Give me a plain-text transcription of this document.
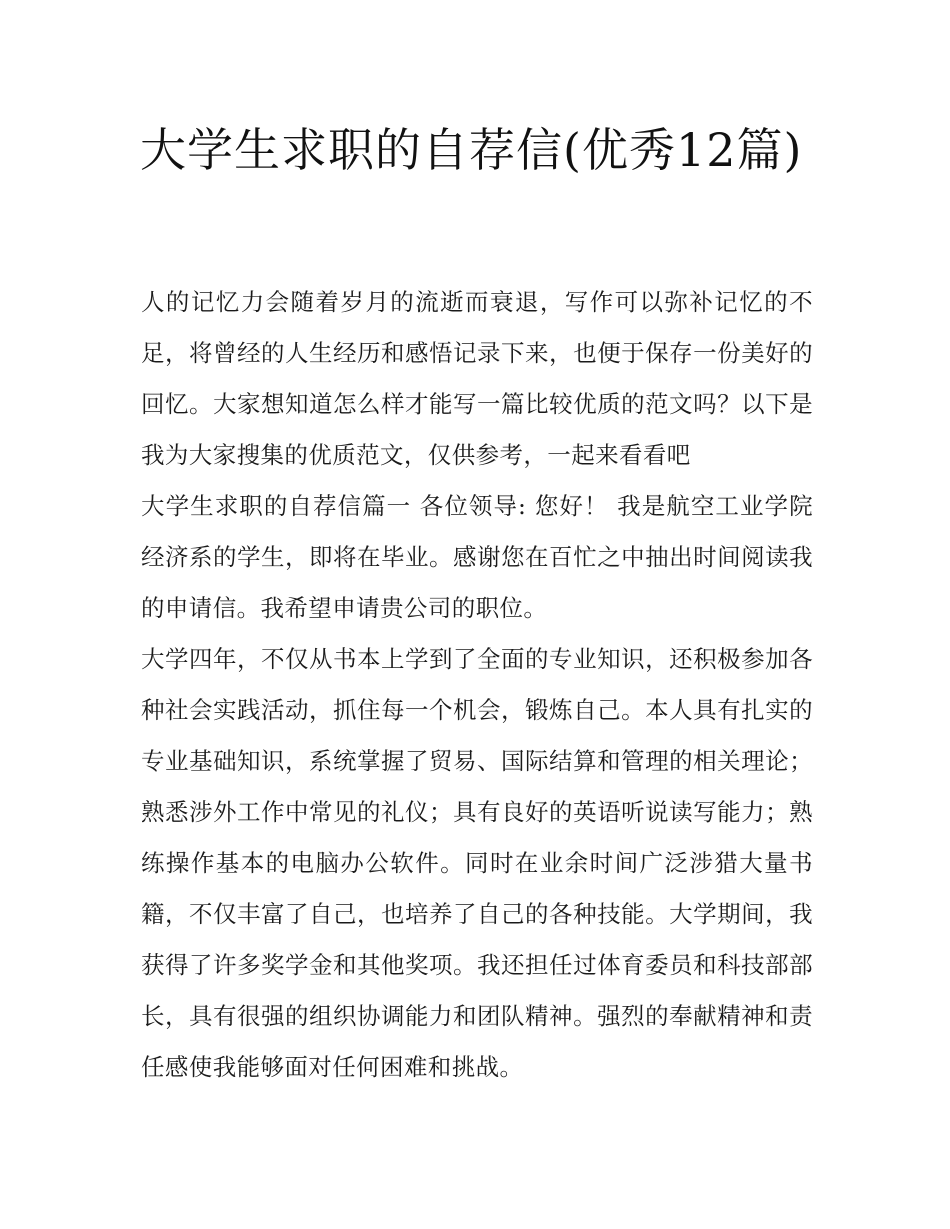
大学生求职的自荐信(优秀12篇)

人的记忆力会随着岁月的流逝而衰退，写作可以弥补记忆的不足，将曾经的人生经历和感悟记录下来，也便于保存一份美好的回忆。大家想知道怎么样才能写一篇比较优质的范文吗？以下是我为大家搜集的优质范文，仅供参考，一起来看看吧

大学生求职的自荐信篇一 各位领导: 您好！ 我是航空工业学院经济系的学生，即将在毕业。感谢您在百忙之中抽出时间阅读我的申请信。我希望申请贵公司的职位。

大学四年，不仅从书本上学到了全面的专业知识，还积极参加各种社会实践活动，抓住每一个机会，锻炼自己。本人具有扎实的专业基础知识，系统掌握了贸易、国际结算和管理的相关理论；熟悉涉外工作中常见的礼仪；具有良好的英语听说读写能力；熟练操作基本的电脑办公软件。同时在业余时间广泛涉猎大量书籍，不仅丰富了自己，也培养了自己的各种技能。大学期间，我获得了许多奖学金和其他奖项。我还担任过体育委员和科技部部长，具有很强的组织协调能力和团队精神。强烈的奉献精神和责任感使我能够面对任何困难和挑战。
